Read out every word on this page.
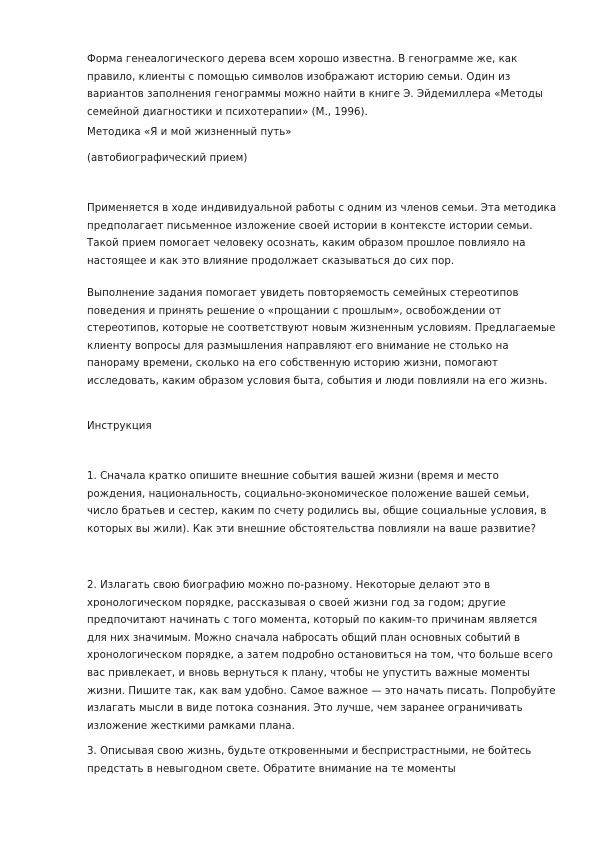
Форма генеалогического дерева всем хорошо известна. В генограмме же, как правило, клиенты с помощью символов изображают историю семьи. Один из вариантов заполнения генограммы можно найти в книге Э. Эйдемиллера «Методы семейной диагностики и психотерапии» (М., 1996).

Методика «Я и мой жизненный путь»

(автобиографический прием)

Применяется в ходе индивидуальной работы с одним из членов семьи. Эта методика предполагает письменное изложение своей истории в контексте истории семьи. Такой прием помогает человеку осознать, каким образом прошлое повлияло на настоящее и как это влияние продолжает сказываться до сих пор.

Выполнение задания помогает увидеть повторяемость семейных стереотипов поведения и принять решение о «прощании с прошлым», освобождении от стереотипов, которые не соответствуют новым жизненным условиям. Предлагаемые клиенту вопросы для размышления направляют его внимание не столько на панораму времени, сколько на его собственную историю жизни, помогают исследовать, каким образом условия быта, события и люди повлияли на его жизнь.

Инструкция

1. Сначала кратко опишите внешние события вашей жизни (время и место рождения, национальность, социально-экономическое положение вашей семьи, число братьев и сестер, каким по счету родились вы, общие социальные условия, в которых вы жили). Как эти внешние обстоятельства повлияли на ваше развитие?

2. Излагать свою биографию можно по-разному. Некоторые делают это в хронологическом порядке, рассказывая о своей жизни год за годом; другие предпочитают начинать с того момента, который по каким-то причинам является для них значимым. Можно сначала набросать общий план основных событий в хронологическом порядке, а затем подробно остановиться на том, что больше всего вас привлекает, и вновь вернуться к плану, чтобы не упустить важные моменты жизни. Пишите так, как вам удобно. Самое важное — это начать писать. Попробуйте излагать мысли в виде потока сознания. Это лучше, чем заранее ограничивать изложение жесткими рамками плана.

3. Описывая свою жизнь, будьте откровенными и беспристрастными, не бойтесь предстать в невыгодном свете. Обратите внимание на те моменты
